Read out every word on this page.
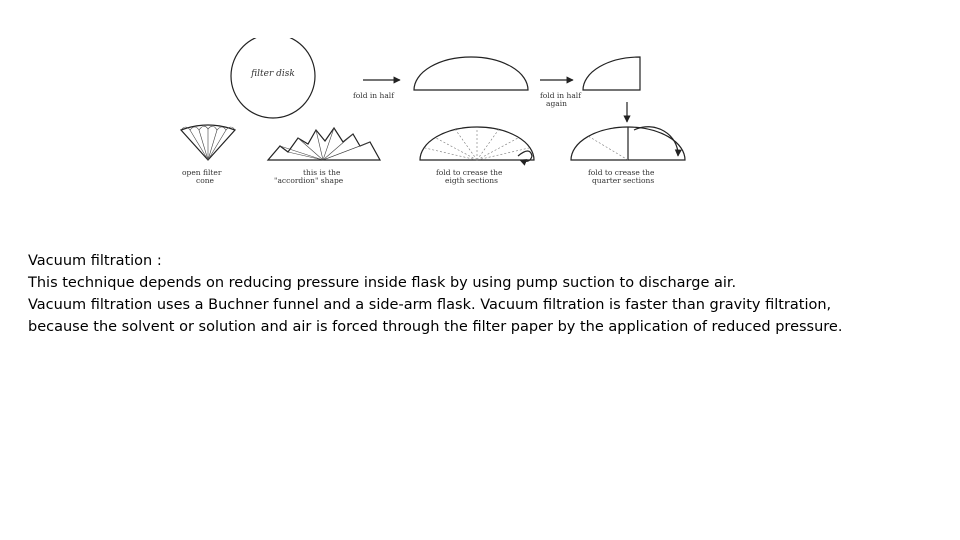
filter disk
fold in half	fold in half
again
fold to crease the
quarter sections
fold to crease the
eigth sections
this is the
"accordion" shape
open filter
cone

Vacuum filtration :

This technique depends on reducing pressure inside flask by using pump suction to discharge air.

Vacuum filtration uses a Buchner funnel and a side-arm flask. Vacuum filtration is faster than gravity filtration,

because the solvent or solution and air is forced through the filter paper by the application of reduced pressure.
